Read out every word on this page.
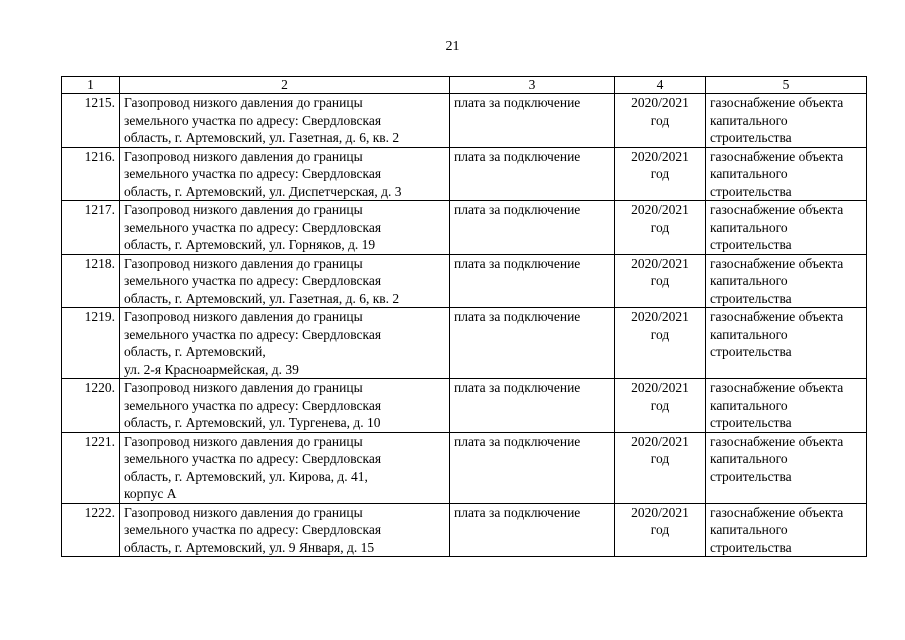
21
1	2	3	4	5
1215.	Газопровод низкого давления до границы
земельного участка по адресу: Свердловская
область, г. Артемовский, ул. Газетная, д. 6, кв. 2	плата за подключение	2020/2021
год	газоснабжение объекта
капитального
строительства

1216.	Газопровод низкого давления до границы
земельного участка по адресу: Свердловская
область, г. Артемовский, ул. Диспетчерская, д. 3	плата за подключение	2020/2021
год	газоснабжение объекта
капитального
строительства

1217.	Газопровод низкого давления до границы
земельного участка по адресу: Свердловская
область, г. Артемовский, ул. Горняков, д. 19	плата за подключение	2020/2021
год	газоснабжение объекта
капитального
строительства

1218.	Газопровод низкого давления до границы
земельного участка по адресу: Свердловская
область, г. Артемовский, ул. Газетная, д. 6, кв. 2	плата за подключение	2020/2021
год	газоснабжение объекта
капитального
строительства

1219.	Газопровод низкого давления до границы
земельного участка по адресу: Свердловская
область, г. Артемовский,
ул. 2-я Красноармейская, д. 39	плата за подключение	2020/2021
год	газоснабжение объекта
капитального
строительства

1220.	Газопровод низкого давления до границы
земельного участка по адресу: Свердловская
область, г. Артемовский, ул. Тургенева, д. 10	плата за подключение	2020/2021
год	газоснабжение объекта
капитального
строительства

1221.	Газопровод низкого давления до границы
земельного участка по адресу: Свердловская
область, г. Артемовский, ул. Кирова, д. 41,
корпус А	плата за подключение	2020/2021
год	газоснабжение объекта
капитального
строительства

1222.	Газопровод низкого давления до границы
земельного участка по адресу: Свердловская
область, г. Артемовский, ул. 9 Января, д. 15	плата за подключение	2020/2021
год	газоснабжение объекта
капитального
строительства
